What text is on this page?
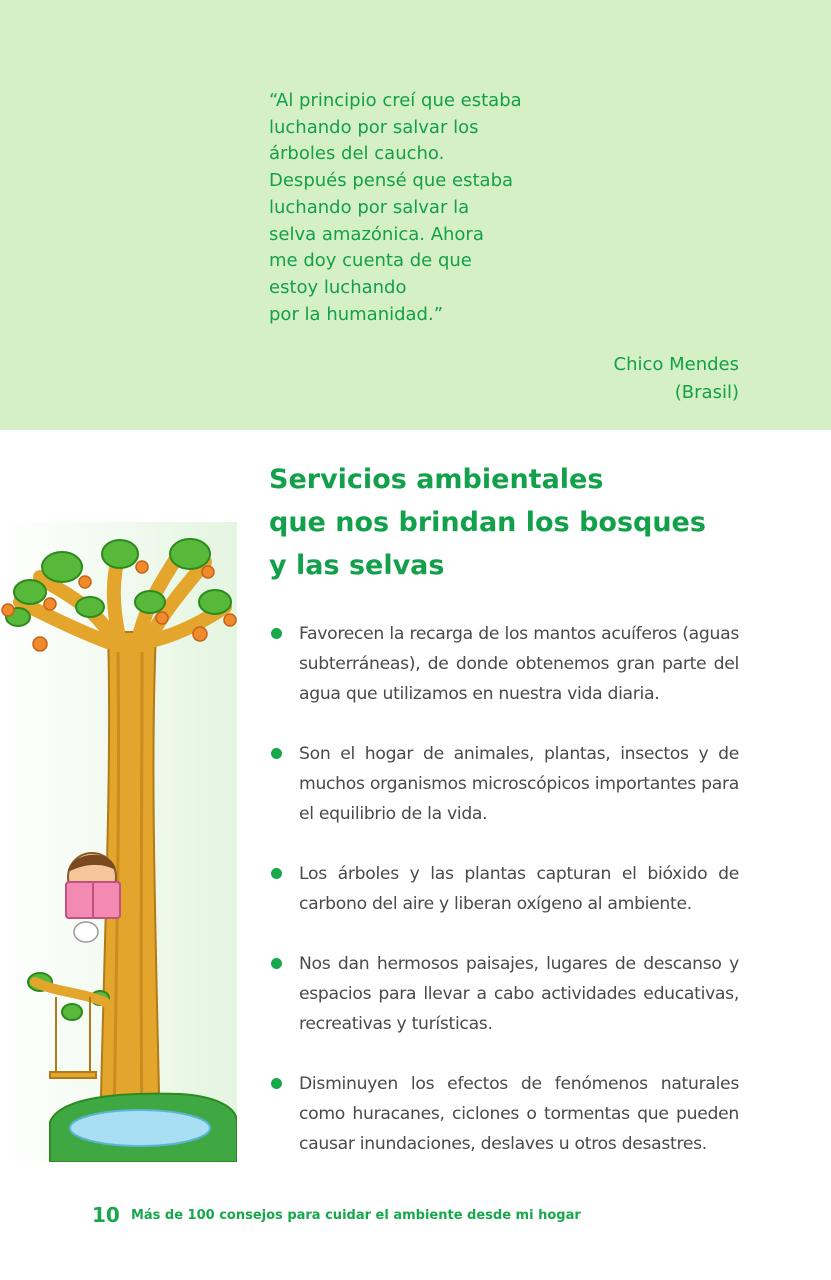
“Al principio creí que estaba
luchando por salvar los
árboles del caucho.
Después pensé que estaba
luchando por salvar la
selva amazónica. Ahora
me doy cuenta de que
estoy luchando
por la humanidad.”
Chico Mendes
(Brasil)
Servicios ambientales
que nos brindan los bosques
y las selvas
Favorecen la recarga de los mantos acuíferos (aguas subterráneas), de donde obtenemos gran parte del agua que utilizamos en nuestra vida diaria.
Son el hogar de animales, plantas, insectos y de muchos organismos microscópicos importantes para el equilibrio de la vida.
Los árboles y las plantas capturan el bióxido de carbono del aire y liberan oxígeno al ambiente.
Nos dan hermosos paisajes, lugares de descanso y espacios para llevar a cabo actividades educativas, recreativas y turísticas.
Disminuyen los efectos de fenómenos naturales como huracanes, ciclones o tormentas que pueden causar inundaciones, deslaves u otros desastres.
10 Más de 100 consejos para cuidar el ambiente desde mi hogar
